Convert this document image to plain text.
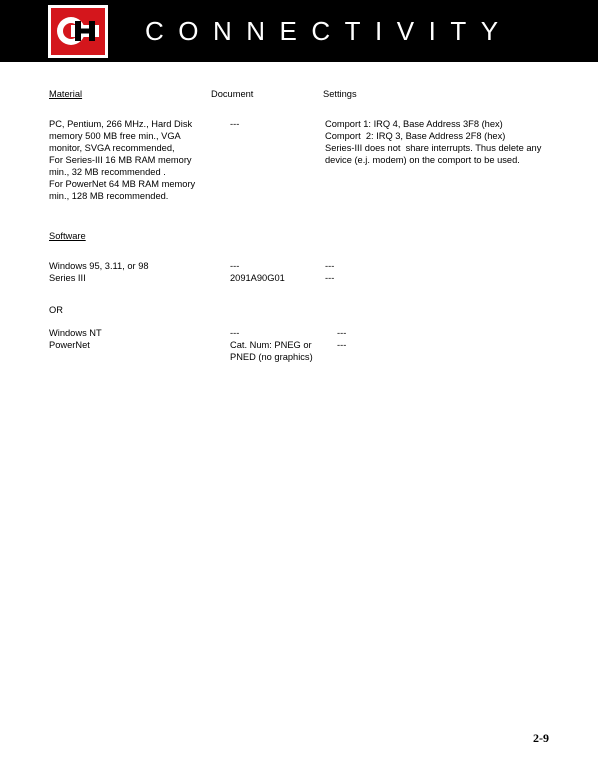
CONNECTIVITY
Material	Document	Settings
PC, Pentium, 266 MHz., Hard Disk
memory 500 MB free min., VGA
monitor, SVGA recommended,
For Series-III 16 MB RAM memory
min., 32 MB recommended .
For PowerNet 64 MB RAM memory
min., 128 MB recommended.
---	Comport 1: IRQ 4, Base Address 3F8 (hex)
Comport  2: IRQ 3, Base Address 2F8 (hex)
Series-III does not  share interrupts. Thus delete any
device (e.j. modem) on the comport to be used.
Software
Windows 95, 3.11, or 98	---	---
Series III	2091A90G01	---
OR
Windows NT	---	---
PowerNet	Cat. Num: PNEG or	---
PNED (no graphics)
2-9
